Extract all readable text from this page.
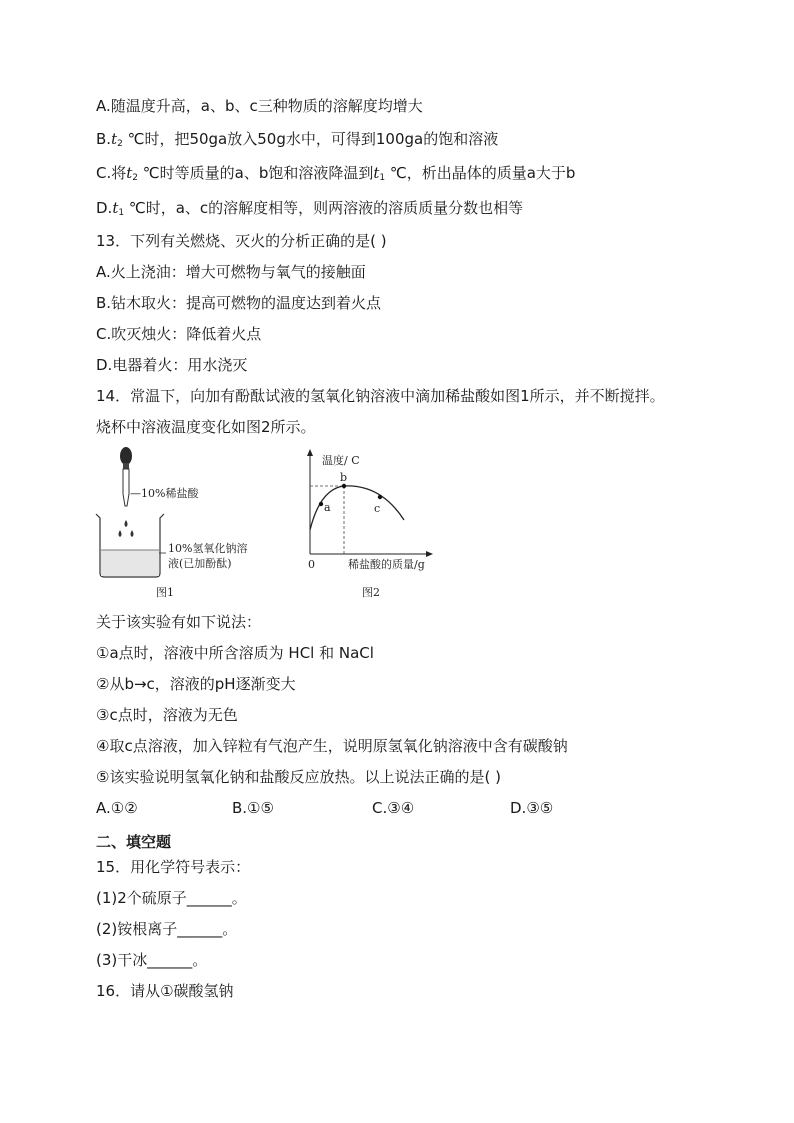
A.随温度升高，a、b、c三种物质的溶解度均增大
$B.t_2$ ℃时，把50ga放入50g水中，可得到100ga的饱和溶液
C.将$t_2$ ℃时等质量的a、b饱和溶液降温到$t_1$ ℃，析出晶体的质量a大于b
$D.t_1$ ℃时，a、c的溶解度相等，则两溶液的溶质质量分数也相等
13．下列有关燃烧、灭火的分析正确的是( )
A.火上浇油：增大可燃物与氧气的接触面
B.钻木取火：提高可燃物的温度达到着火点
C.吹灭烛火：降低着火点
D.电器着火：用水浇灭
14．常温下，向加有酚酞试液的氢氧化钠溶液中滴加稀盐酸如图1所示，并不断搅拌。
烧杯中溶液温度变化如图2所示。
—10%稀盐酸
10%氢氧化钠溶
液(已加酚酞)
图1
温度/ C
0	稀盐酸的质量/g
a
b
c
图2
关于该实验有如下说法：
①a点时，溶液中所含溶质为 HCl 和 NaCl
②从b→c，溶液的pH逐渐变大
③c点时，溶液为无色
④取c点溶液，加入锌粒有气泡产生，说明原氢氧化钠溶液中含有碳酸钠
⑤该实验说明氢氧化钠和盐酸反应放热。以上说法正确的是( )
A.①②	B.①⑤	C.③④	D.③⑤
二、填空题
15．用化学符号表示：
(1)2个硫原子______。
(2)铵根离子______。
(3)干冰______。
16．请从①碳酸氢钠
